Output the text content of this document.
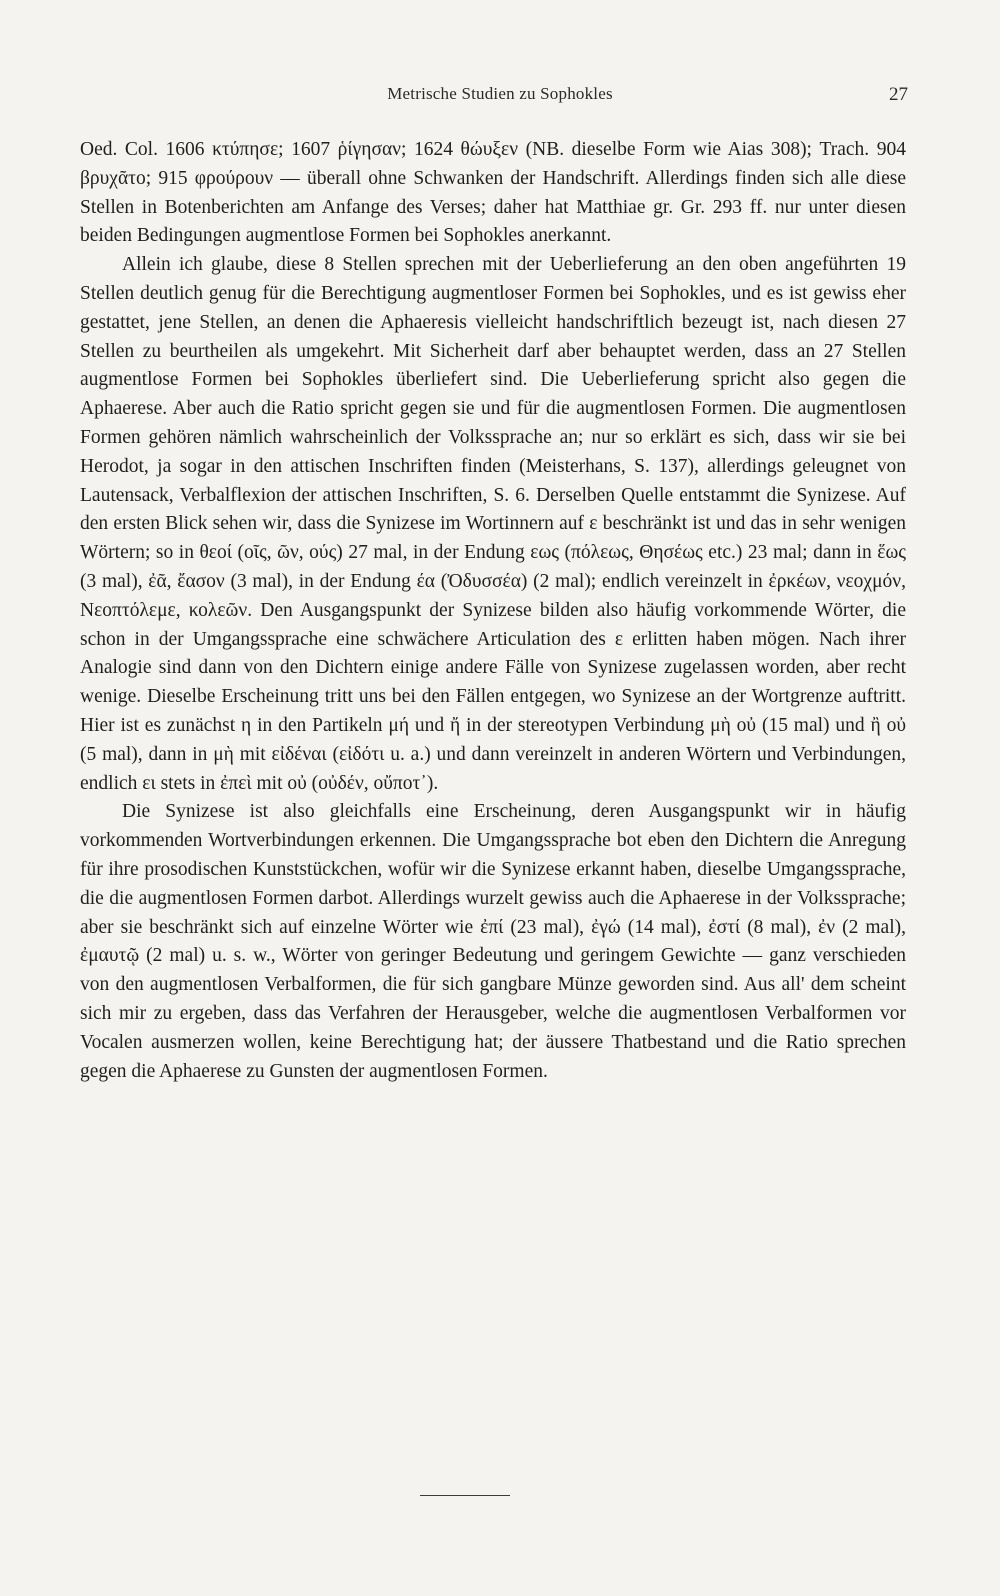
Metrische Studien zu Sophokles	27

Oed. Col. 1606 κτύπησε; 1607 ῥίγησαν; 1624 θώυξεν (NB. dieselbe Form wie Aias 308); Trach. 904 βρυχᾶτο; 915 φρούρουν — überall ohne Schwanken der Handschrift. Allerdings finden sich alle diese Stellen in Botenberichten am Anfange des Verses; daher hat Matthiae gr. Gr. 293 ff. nur unter diesen beiden Bedingungen augmentlose Formen bei Sophokles anerkannt.

Allein ich glaube, diese 8 Stellen sprechen mit der Ueberlieferung an den oben angeführten 19 Stellen deutlich genug für die Berechtigung augmentloser Formen bei Sophokles, und es ist gewiss eher gestattet, jene Stellen, an denen die Aphaeresis vielleicht handschriftlich bezeugt ist, nach diesen 27 Stellen zu beurtheilen als umgekehrt. Mit Sicherheit darf aber behauptet werden, dass an 27 Stellen augmentlose Formen bei Sophokles überliefert sind. Die Ueberlieferung spricht also gegen die Aphaerese. Aber auch die Ratio spricht gegen sie und für die augmentlosen Formen. Die augmentlosen Formen gehören nämlich wahrscheinlich der Volkssprache an; nur so erklärt es sich, dass wir sie bei Herodot, ja sogar in den attischen Inschriften finden (Meisterhans, S. 137), allerdings geleugnet von Lautensack, Verbalflexion der attischen Inschriften, S. 6. Derselben Quelle entstammt die Synizese. Auf den ersten Blick sehen wir, dass die Synizese im Wortinnern auf ε beschränkt ist und das in sehr wenigen Wörtern; so in θεοί (οῖς, ῶν, ούς) 27 mal, in der Endung εως (πόλεως, Θησέως etc.) 23 mal; dann in ἕως (3 mal), ἐᾶ, ἔασον (3 mal), in der Endung έα (Ὀδυσσέα) (2 mal); endlich vereinzelt in ἐρκέων, νεοχμόν, Νεοπτόλεμε, κολεῶν. Den Ausgangspunkt der Synizese bilden also häufig vorkommende Wörter, die schon in der Umgangssprache eine schwächere Articulation des ε erlitten haben mögen. Nach ihrer Analogie sind dann von den Dichtern einige andere Fälle von Synizese zugelassen worden, aber recht wenige. Dieselbe Erscheinung tritt uns bei den Fällen entgegen, wo Synizese an der Wortgrenze auftritt. Hier ist es zunächst η in den Partikeln μή und ἤ in der stereotypen Verbindung μὴ οὐ (15 mal) und ἢ οὐ (5 mal), dann in μὴ mit εἰδέναι (εἰδότι u. a.) und dann vereinzelt in anderen Wörtern und Verbindungen, endlich ει stets in ἐπεὶ mit οὐ (οὐδέν, οὔποτ᾽).

Die Synizese ist also gleichfalls eine Erscheinung, deren Ausgangspunkt wir in häufig vorkommenden Wortverbindungen erkennen. Die Umgangssprache bot eben den Dichtern die Anregung für ihre prosodischen Kunststückchen, wofür wir die Synizese erkannt haben, dieselbe Umgangssprache, die die augmentlosen Formen darbot. Allerdings wurzelt gewiss auch die Aphaerese in der Volkssprache; aber sie beschränkt sich auf einzelne Wörter wie ἐπί (23 mal), ἐγώ (14 mal), ἐστί (8 mal), ἐν (2 mal), ἐμαυτῷ (2 mal) u. s. w., Wörter von geringer Bedeutung und geringem Gewichte — ganz verschieden von den augmentlosen Verbalformen, die für sich gangbare Münze geworden sind. Aus all' dem scheint sich mir zu ergeben, dass das Verfahren der Herausgeber, welche die augmentlosen Verbalformen vor Vocalen ausmerzen wollen, keine Berechtigung hat; der äussere Thatbestand und die Ratio sprechen gegen die Aphaerese zu Gunsten der augmentlosen Formen.
